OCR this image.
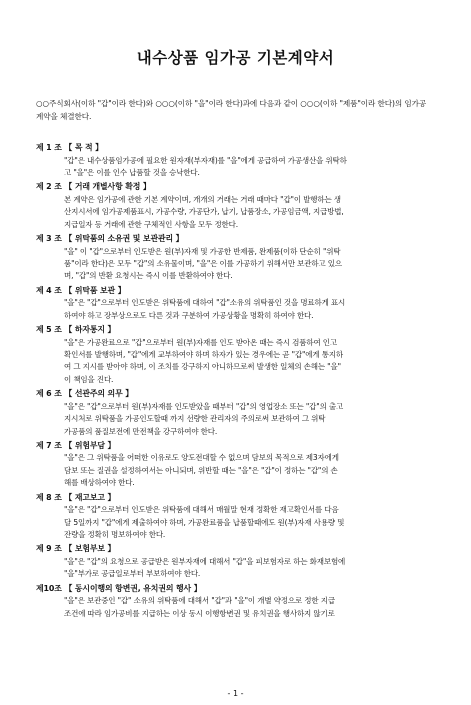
내수상품 임가공 기본계약서
○○주식회사(이하 "갑"이라 한다)와 ○○○(이하 "을"이라 한다)과에 다음과 같이 ○○○(이하 "제품"이라 한다)의 임가공 계약을 체결한다.
제 1 조 【 목 적 】
"갑"은 내수상품임가공에 필요한 원자재(부자재)를 "을"에게 공급하여 가공생산을 위탁하
고 "을"은 이를 인수 납품할 것을 승낙한다.
제 2 조 【 거래 개별사항 확정 】
본 계약은 임가공에 관한 기본 계약이며, 개개의 거래는 거래 때마다 "갑"이 발행하는 생
산지시서에 임가공제품표시, 가공수량, 가공단가, 납기, 납품장소, 가공임금액, 지급방법,
지급일자 등 거래에 관한 구체적인 사항을 모두 정한다.
제 3 조 【 위탁품의 소유권 및 보관관리 】
"을" 이 "갑"으로부터 인도받은 원(부)자재 및 가공한 반제품, 완제품(이하 단순히 "위탁
품"이라 한다)은 모두 "갑"의 소유물이며, "을"은 이를 가공하기 위해서만 보관하고 있으
며, "갑"의 반환 요청시는 즉시 이를 반환하여야 한다.
제 4 조 【 위탁품 보관 】
"을"은 "갑"으로부터 인도받은 위탁품에 대하여 "갑"소유의 위탁품인 것을 명료하게 표시
하여야 하고 장부상으로도 다른 것과 구분하여 가공상황을 명확히 하여야 한다.
제 5 조 【 하자통지 】
"을"은 가공완료으로 "갑"으로부터 원(부)자재를 인도 받아온 때는 즉시 검품하여 인고
확인서를 발행하며, "갑"에게 교부하여야 하며 하자가 있는 경우에는 곧 "갑"에게 통지하
여 그 지시를 받아야 하며, 이 조치를 강구하지 아니하므로써 발생한 일체의 손해는 "을"
이 책임을 진다.
제 6 조 【 선관주의 의무 】
"을"은 "갑"으로부터 원(부)자재를 인도받았을 때부터 "갑"의 영업장소 또는 "갑"의 출고
지시처로 위탁품을 가공인도할때 까지 선량한 관리자의 주의로써 보관하여 그 위탁
가공품의 품질보전에 만전책을 강구하여야 한다.
제 7 조 【 위험부담 】
"을"은 그 위탁품을 어떠한 이유로도 양도전대할 수 없으며 담보의 목적으로 제3자에게
담보 또는 질권을 설정하여서는 아니되며, 위반할 때는 "을"은 "갑"이 정하는 "갑"의 손
해를 배상하여야 한다.
제 8 조 【 재고보고 】
"을"은 "갑"으로부터 인도받은 위탁품에 대해서 매월말 현재 정확한 재고확인서를 다음
달 5일까지 "갑"에게 제출하여야 하며, 가공완료품을 납품할때에도 원(부)자재 사용량 및
잔량을 정확히 명보하여야 한다.
제 9 조 【 보험부보 】
"을"은 "갑"의 요청으로 공급받은 원부자재에 대해서 "갑"을 피보험자로 하는 화재보험에
"을"부가로 공급일로부터 부보하여야 한다.
제10조 【 동시이행의 항변권, 유치권의 행사 】
"을"은 보관중인 "갑" 소유의 위탁품에 대해서 "갑"과 "을"이 개별 약정으로 정한 지급
조건에 따라 임가공비를 지급하는 이상 동시 이행항변권 및 유치권을 행사하지 않기로
- 1 -
